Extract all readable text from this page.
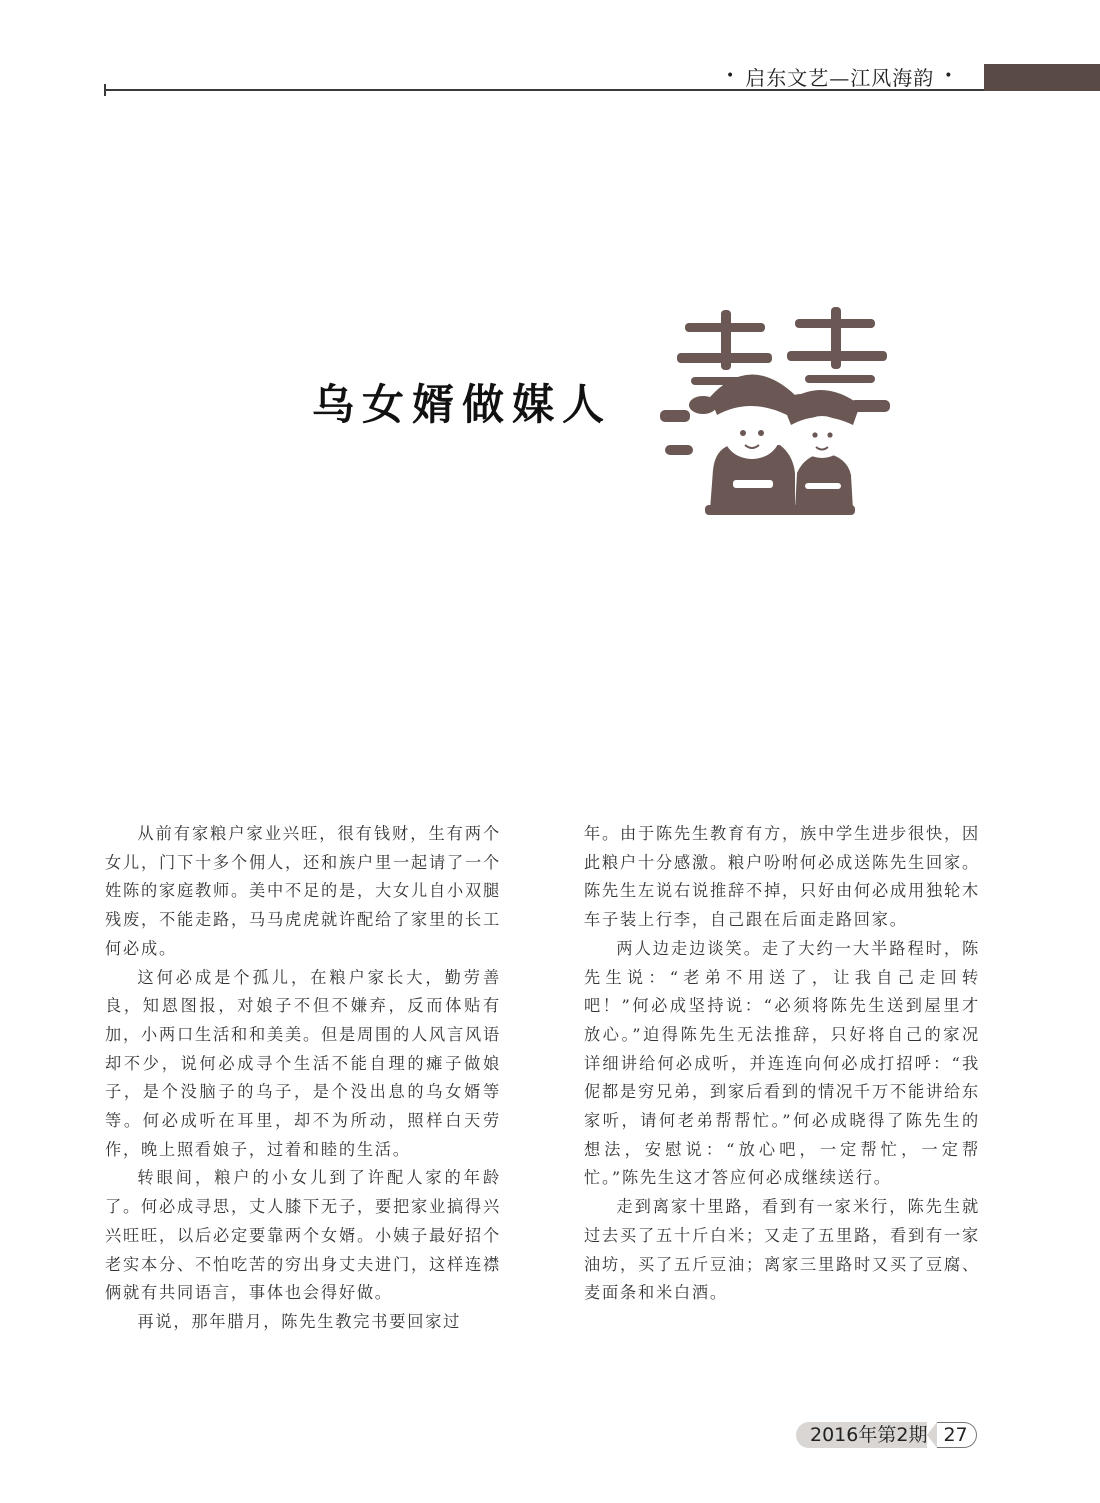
• 启东文艺—江风海韵 •
乌女婿做媒人

从前有家粮户家业兴旺，很有钱财，生有两个女儿，门下十多个佣人，还和族户里一起请了一个姓陈的家庭教师。美中不足的是，大女儿自小双腿残废，不能走路，马马虎虎就许配给了家里的长工何必成。

这何必成是个孤儿，在粮户家长大，勤劳善良，知恩图报，对娘子不但不嫌弃，反而体贴有加，小两口生活和和美美。但是周围的人风言风语却不少，说何必成寻个生活不能自理的瘫子做娘子，是个没脑子的乌子，是个没出息的乌女婿等等。何必成听在耳里，却不为所动，照样白天劳作，晚上照看娘子，过着和睦的生活。

转眼间，粮户的小女儿到了许配人家的年龄了。何必成寻思，丈人膝下无子，要把家业搞得兴兴旺旺，以后必定要靠两个女婿。小姨子最好招个老实本分、不怕吃苦的穷出身丈夫进门，这样连襟俩就有共同语言，事体也会得好做。

再说，那年腊月，陈先生教完书要回家过

年。由于陈先生教育有方，族中学生进步很快，因此粮户十分感激。粮户吩咐何必成送陈先生回家。陈先生左说右说推辞不掉，只好由何必成用独轮木车子装上行李，自己跟在后面走路回家。

两人边走边谈笑。走了大约一大半路程时，陈先生说：“老弟不用送了，让我自己走回转吧！”何必成坚持说：“必须将陈先生送到屋里才放心。”迫得陈先生无法推辞，只好将自己的家况详细讲给何必成听，并连连向何必成打招呼：“我伲都是穷兄弟，到家后看到的情况千万不能讲给东家听，请何老弟帮帮忙。”何必成晓得了陈先生的想法，安慰说：“放心吧，一定帮忙，一定帮忙。”陈先生这才答应何必成继续送行。

走到离家十里路，看到有一家米行，陈先生就过去买了五十斤白米；又走了五里路，看到有一家油坊，买了五斤豆油；离家三里路时又买了豆腐、麦面条和米白酒。

2016年第2期 27
